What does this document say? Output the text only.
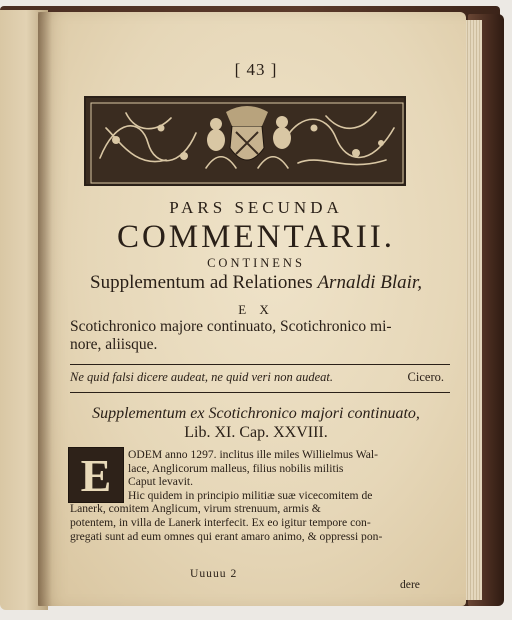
[ 43 ]
PARS SECUNDA
COMMENTARII.
CONTINENS
Supplementum ad Relationes Arnaldi Blair,
E X
Scotichronico majore continuato, Scotichronico mi-
nore, aliisque.
Ne quid falsi dicere audeat, ne quid veri non audeat.	Cicero.
Supplementum ex Scotichronico majori continuato,
Lib. XI. Cap. XXVIII.
E	ODEM anno 1297. inclitus ille miles Willielmus Wal-
lace, Anglicorum malleus, filius nobilis militis
Caput levavit.
Hic quidem in principio militiæ suæ vicecomitem de
Lanerk, comitem Anglicum, virum strenuum, armis &
potentem, in villa de Lanerk interfecit. Ex eo igitur tempore con-
gregati sunt ad eum omnes qui erant amaro animo, & oppressi pon-
Uuuuu 2
dere
